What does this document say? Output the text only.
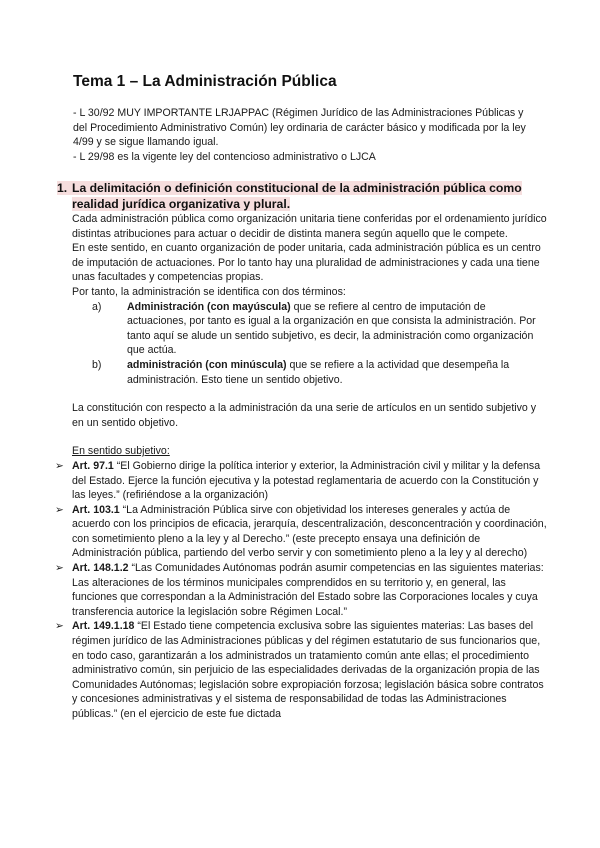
Tema 1 – La Administración Pública

- L 30/92 MUY IMPORTANTE LRJAPPAC (Régimen Jurídico de las Administraciones Públicas y del Procedimiento Administrativo Común) ley ordinaria de carácter básico y modificada por la ley 4/99 y se sigue llamando igual.

- L 29/98 es la vigente ley del contencioso administrativo o LJCA

1. La delimitación o definición constitucional de la administración pública como
realidad jurídica organizativa y plural.

Cada administración pública como organización unitaria tiene conferidas por el ordenamiento jurídico distintas atribuciones para actuar o decidir de distinta manera según aquello que le compete.

En este sentido, en cuanto organización de poder unitaria, cada administración pública es un centro de imputación de actuaciones. Por lo tanto hay una pluralidad de administraciones y cada una tiene unas facultades y competencias propias.

Por tanto, la administración se identifica con dos términos:

a) Administración (con mayúscula) que se refiere al centro de imputación de actuaciones, por tanto es igual a la organización en que consista la administración. Por tanto aquí se alude un sentido subjetivo, es decir, la administración como organización que actúa.
b) administración (con minúscula) que se refiere a la actividad que desempeña la administración. Esto tiene un sentido objetivo.

La constitución con respecto a la administración da una serie de artículos en un sentido subjetivo y en un sentido objetivo.

En sentido subjetivo:

➢ Art. 97.1 “El Gobierno dirige la política interior y exterior, la Administración civil y militar y la defensa del Estado. Ejerce la función ejecutiva y la potestad reglamentaria de acuerdo con la Constitución y las leyes.” (refiriéndose a la organización)
➢ Art. 103.1 “La Administración Pública sirve con objetividad los intereses generales y actúa de acuerdo con los principios de eficacia, jerarquía, descentralización, desconcentración y coordinación, con sometimiento pleno a la ley y al Derecho.” (este precepto ensaya una definición de Administración pública, partiendo del verbo servir y con sometimiento pleno a la ley y al derecho)
➢ Art. 148.1.2 “Las Comunidades Autónomas podrán asumir competencias en las siguientes materias: Las alteraciones de los términos municipales comprendidos en su territorio y, en general, las funciones que correspondan a la Administración del Estado sobre las Corporaciones locales y cuya transferencia autorice la legislación sobre Régimen Local.”
➢ Art. 149.1.18 “El Estado tiene competencia exclusiva sobre las siguientes materias: Las bases del régimen jurídico de las Administraciones públicas y del régimen estatutario de sus funcionarios que, en todo caso, garantizarán a los administrados un tratamiento común ante ellas; el procedimiento administrativo común, sin perjuicio de las especialidades derivadas de la organización propia de las Comunidades Autónomas; legislación sobre expropiación forzosa; legislación básica sobre contratos y concesiones administrativas y el sistema de responsabilidad de todas las Administraciones públicas.” (en el ejercicio de este fue dictada
